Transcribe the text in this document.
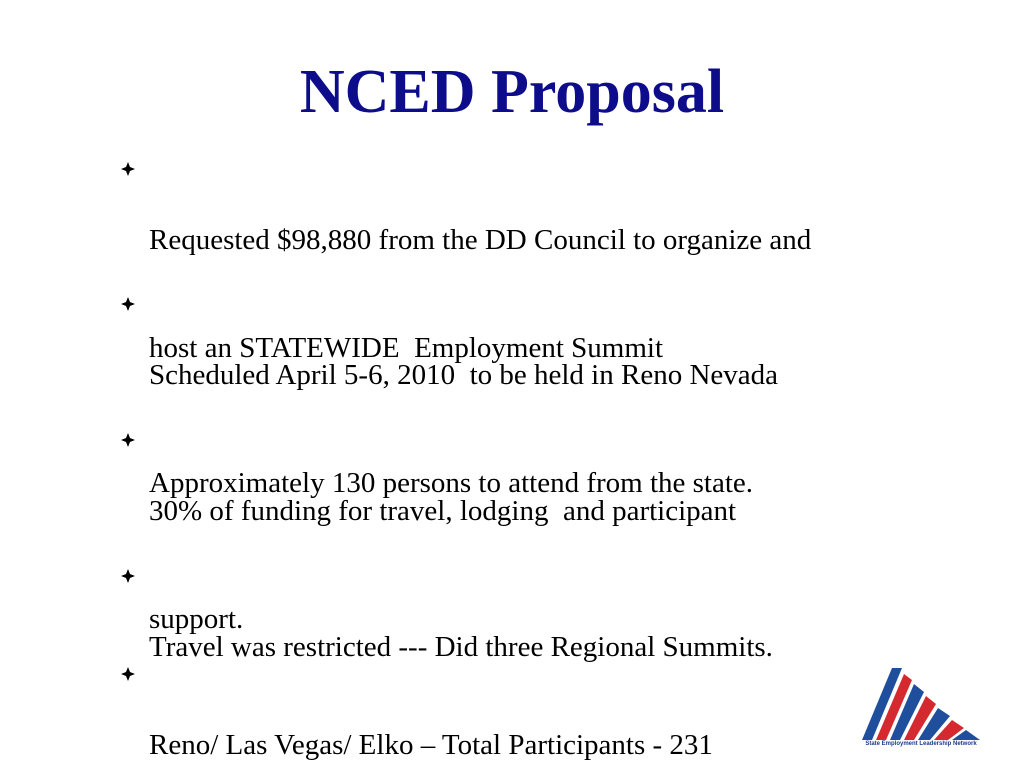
NCED Proposal

Requested $98,880 from the DD Council to organize and

host an STATEWIDE  Employment Summit

Scheduled April 5-6, 2010  to be held in Reno Nevada

Approximately 130 persons to attend from the state.

30% of funding for travel, lodging  and participant

support.

Travel was restricted --- Did three Regional Summits.

Reno/ Las Vegas/ Elko – Total Participants - 231

	State Employment Leadership Network
